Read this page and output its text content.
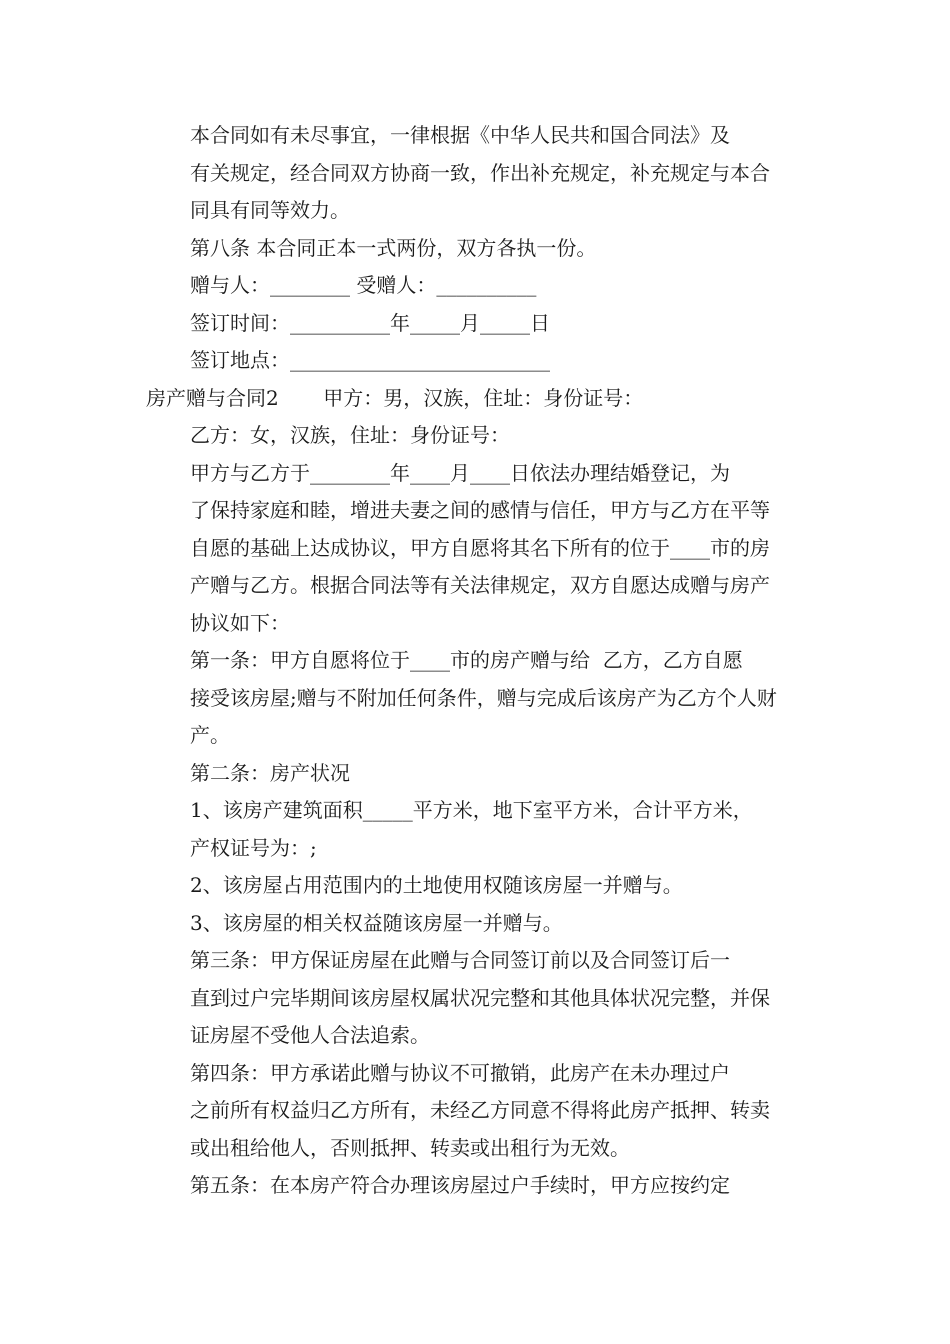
本合同如有未尽事宜，一律根据《中华人民共和国合同法》及
有关规定，经合同双方协商一致，作出补充规定，补充规定与本合
同具有同等效力。
第八条 本合同正本一式两份，双方各执一份。
赠与人：________ 受赠人：__________
签订时间：__________年_____月_____日
签订地点：__________________________
房产赠与合同2       甲方：男，汉族，住址：身份证号：
乙方：女，汉族，住址：身份证号：
甲方与乙方于________年____月____日依法办理结婚登记，为
了保持家庭和睦，增进夫妻之间的感情与信任，甲方与乙方在平等
自愿的基础上达成协议，甲方自愿将其名下所有的位于____市的房
产赠与乙方。根据合同法等有关法律规定，双方自愿达成赠与房产
协议如下：
第一条：甲方自愿将位于____市的房产赠与给  乙方，乙方自愿
接受该房屋;赠与不附加任何条件，赠与完成后该房产为乙方个人财
产。
第二条：房产状况
1、该房产建筑面积_____平方米，地下室平方米，合计平方米，
产权证号为：;
2、该房屋占用范围内的土地使用权随该房屋一并赠与。
3、该房屋的相关权益随该房屋一并赠与。
第三条：甲方保证房屋在此赠与合同签订前以及合同签订后一
直到过户完毕期间该房屋权属状况完整和其他具体状况完整，并保
证房屋不受他人合法追索。
第四条：甲方承诺此赠与协议不可撤销，此房产在未办理过户
之前所有权益归乙方所有，未经乙方同意不得将此房产抵押、转卖
或出租给他人，否则抵押、转卖或出租行为无效。
第五条：在本房产符合办理该房屋过户手续时，甲方应按约定
